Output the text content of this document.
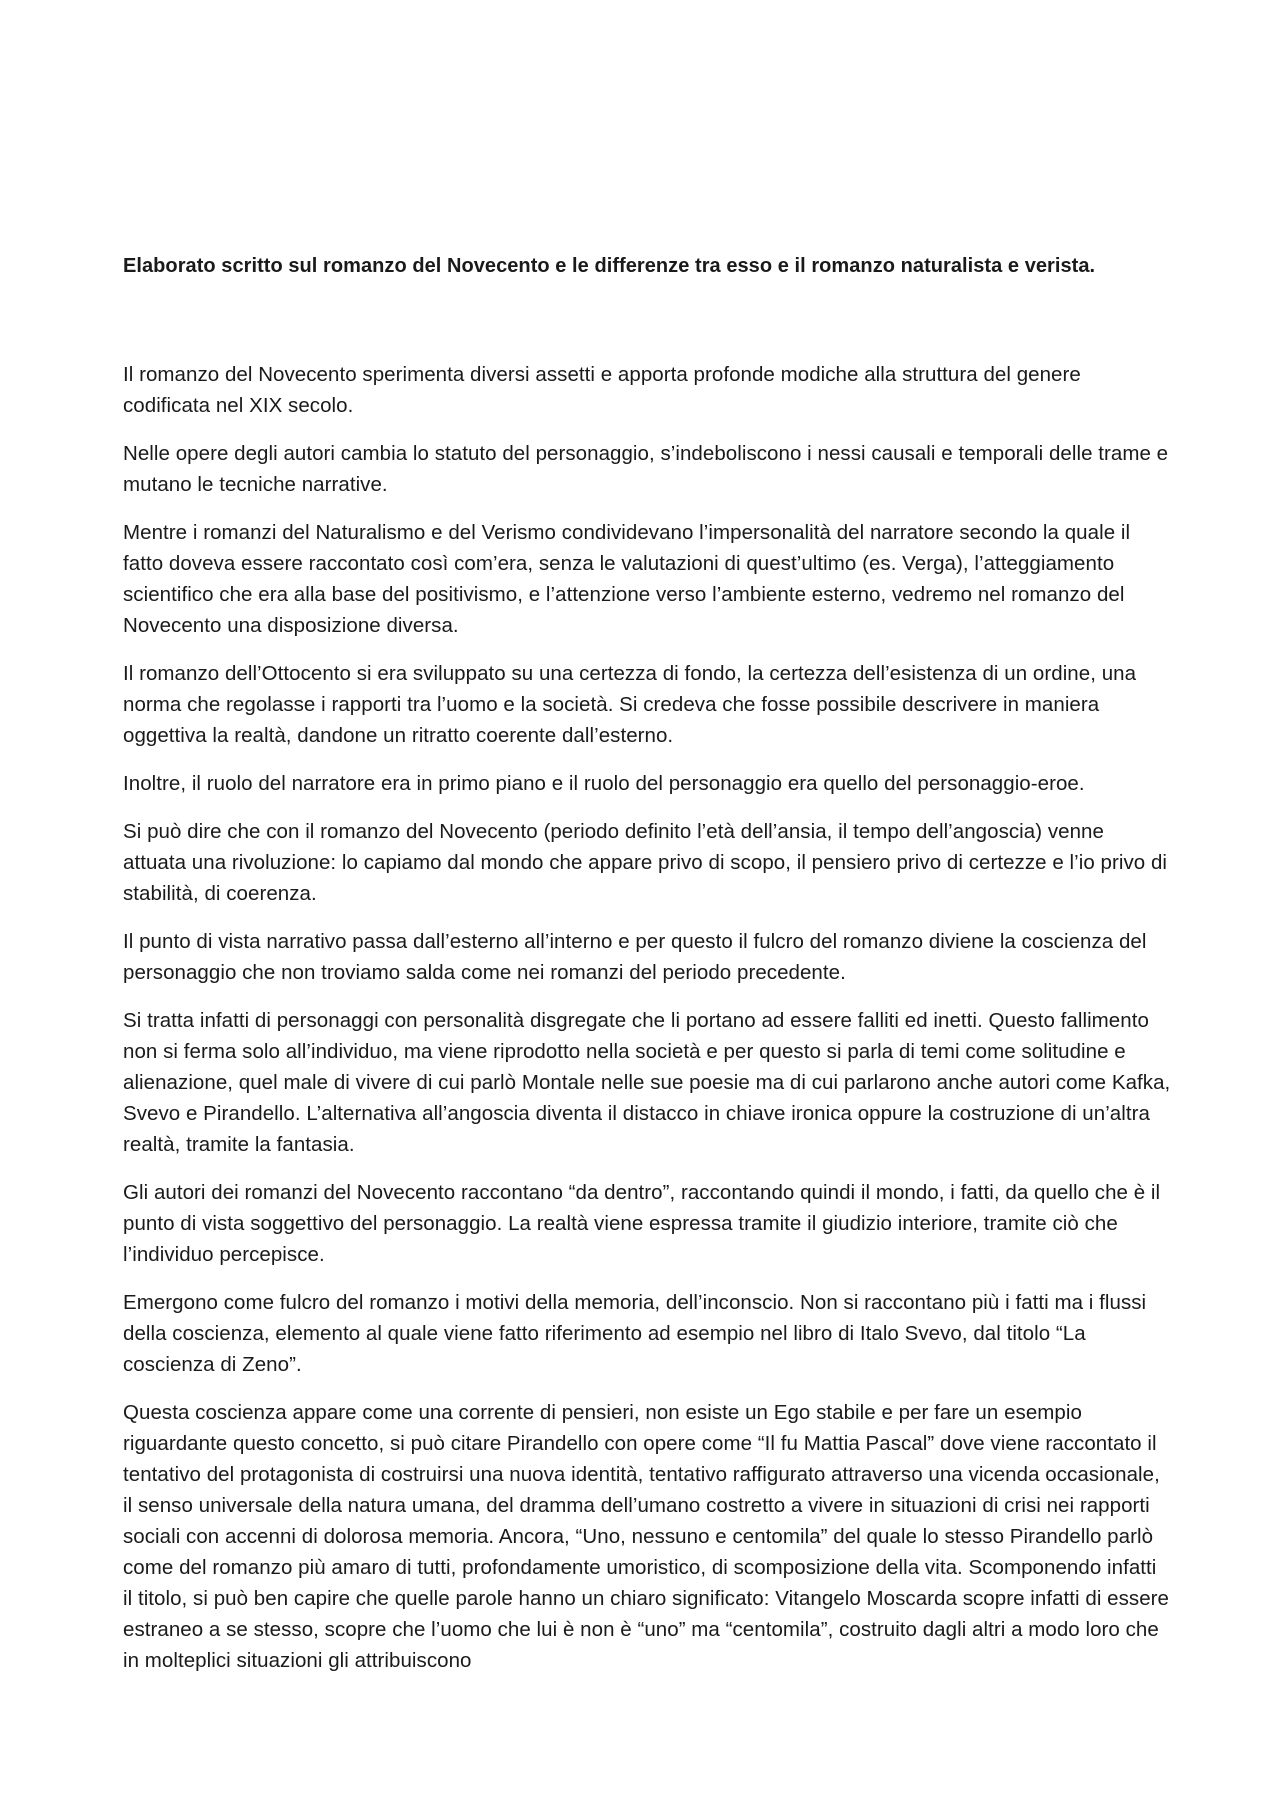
Elaborato scritto sul romanzo del Novecento e le differenze tra esso e il romanzo naturalista e verista.

Il romanzo del Novecento sperimenta diversi assetti e apporta profonde modiche alla struttura del genere codificata nel XIX secolo.

Nelle opere degli autori cambia lo statuto del personaggio, s’indeboliscono i nessi causali e temporali delle trame e mutano le tecniche narrative.

Mentre i romanzi del Naturalismo e del Verismo condividevano l’impersonalità del narratore secondo la quale il fatto doveva essere raccontato così com’era, senza le valutazioni di quest’ultimo (es. Verga), l’atteggiamento scientifico che era alla base del positivismo, e l’attenzione verso l’ambiente esterno, vedremo nel romanzo del Novecento una disposizione diversa.

Il romanzo dell’Ottocento si era sviluppato su una certezza di fondo, la certezza dell’esistenza di un ordine, una norma che regolasse i rapporti tra l’uomo e la società. Si credeva che fosse possibile descrivere in maniera oggettiva la realtà, dandone un ritratto coerente dall’esterno.

Inoltre, il ruolo del narratore era in primo piano e il ruolo del personaggio era quello del personaggio-eroe.

Si può dire che con il romanzo del Novecento (periodo definito l’età dell’ansia, il tempo dell’angoscia) venne attuata una rivoluzione: lo capiamo dal mondo che appare privo di scopo, il pensiero privo di certezze e l’io privo di stabilità, di coerenza.

Il punto di vista narrativo passa dall’esterno all’interno e per questo il fulcro del romanzo diviene la coscienza del personaggio che non troviamo salda come nei romanzi del periodo precedente.

Si tratta infatti di personaggi con personalità disgregate che li portano ad essere falliti ed inetti. Questo fallimento non si ferma solo all’individuo, ma viene riprodotto nella società e per questo si parla di temi come solitudine e alienazione, quel male di vivere di cui parlò Montale nelle sue poesie ma di cui parlarono anche autori come Kafka, Svevo e Pirandello. L’alternativa all’angoscia diventa il distacco in chiave ironica oppure la costruzione di un’altra realtà, tramite la fantasia.

Gli autori dei romanzi del Novecento raccontano “da dentro”, raccontando quindi il mondo, i fatti, da quello che è il punto di vista soggettivo del personaggio. La realtà viene espressa tramite il giudizio interiore, tramite ciò che l’individuo percepisce.

Emergono come fulcro del romanzo i motivi della memoria, dell’inconscio. Non si raccontano più i fatti ma i flussi della coscienza, elemento al quale viene fatto riferimento ad esempio nel libro di Italo Svevo, dal titolo “La coscienza di Zeno”.

Questa coscienza appare come una corrente di pensieri, non esiste un Ego stabile e per fare un esempio riguardante questo concetto, si può citare Pirandello con opere come “Il fu Mattia Pascal” dove viene raccontato il tentativo del protagonista di costruirsi una nuova identità, tentativo raffigurato attraverso una vicenda occasionale, il senso universale della natura umana, del dramma dell’umano costretto a vivere in situazioni di crisi nei rapporti sociali con accenni di dolorosa memoria. Ancora, “Uno, nessuno e centomila” del quale lo stesso Pirandello parlò come del romanzo più amaro di tutti, profondamente umoristico, di scomposizione della vita. Scomponendo infatti il titolo, si può ben capire che quelle parole hanno un chiaro significato: Vitangelo Moscarda scopre infatti di essere estraneo a se stesso, scopre che l’uomo che lui è non è “uno” ma “centomila”, costruito dagli altri a modo loro che in molteplici situazioni gli attribuiscono
